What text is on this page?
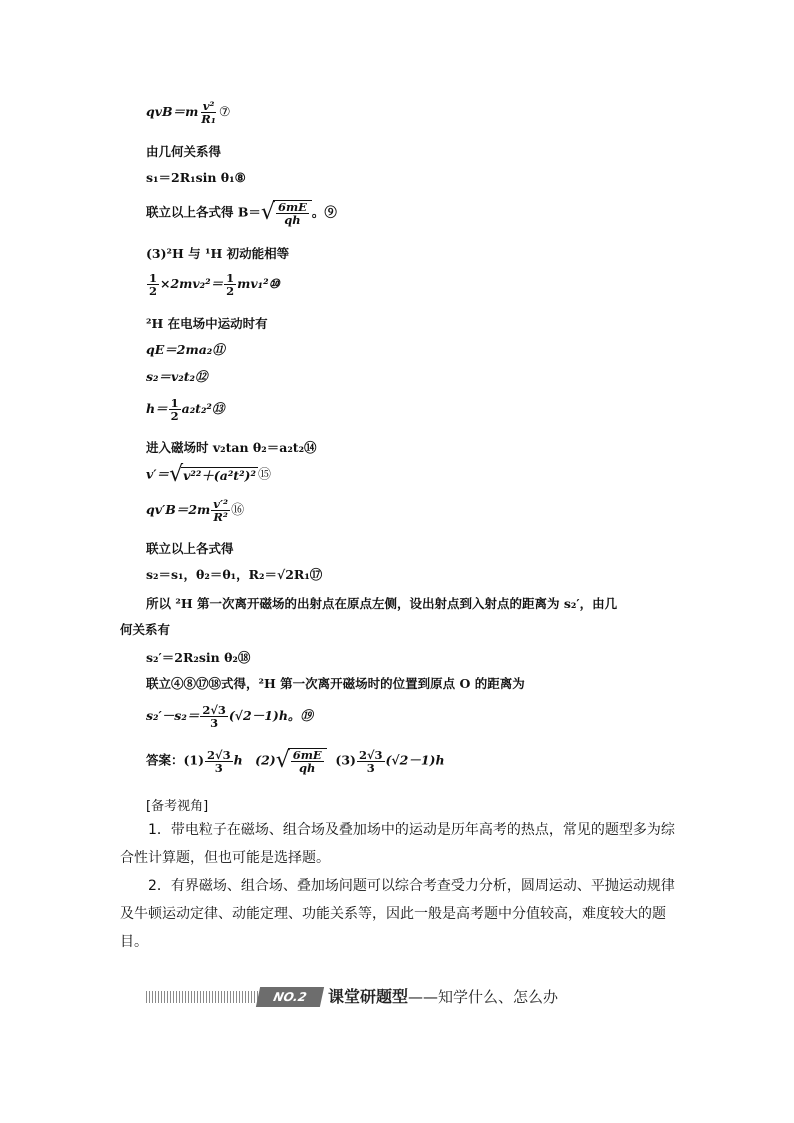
$qvB=m \frac{\text{v²}}{\text{R₁}}$ ⑦
由几何关系得
s₁＝2R₁sin θ₁⑧
联立以上各式得 $B=√ \frac{6mE}{qh}$ 。⑨
(3)²H 与 ¹H 初动能相等
$\frac{1}{2} \times 2mv_2^2= \frac{1}{2}$ mv₁²⑩
²H 在电场中运动时有
qE＝2ma₂⑪
s₂＝v₂t₂⑫
$h= \frac{1}{2}$ a₂t₂²⑬
进入磁场时 v₂tan θ₂＝a₂t₂⑭
v′＝√v²²＋(a²t²)² ⑮
$qv'B=2m \frac{\text{v′²}}{\text{R²}}$ ⑯
联立以上各式得
s₂＝s₁，θ₂＝θ₁，R₂＝√2R₁⑰
所以 ²H 第一次离开磁场的出射点在原点左侧，设出射点到入射点的距离为 s₂′，由几
何关系有
s₂′＝2R₂sin θ₂⑱
联立④⑧⑰⑱式得，²H 第一次离开磁场时的位置到原点 O 的距离为
$s_2'-s_2= \frac{2√3}{3} (√2-1)h$。⑲
答案：$(1) \frac{2√3}{3}$ h　$(2)√ \frac{6mE}{qh} (3) \frac{2√3}{3} (√2-1)h$
[备考视角]
1．带电粒子在磁场、组合场及叠加场中的运动是历年高考的热点，常见的题型多为综合性计算题，但也可能是选择题。
2．有界磁场、组合场、叠加场问题可以综合考查受力分析，圆周运动、平抛运动规律及牛顿运动定律、动能定理、功能关系等，因此一般是高考题中分值较高，难度较大的题目。
NO.2	课堂研题型——知学什么、怎么办
